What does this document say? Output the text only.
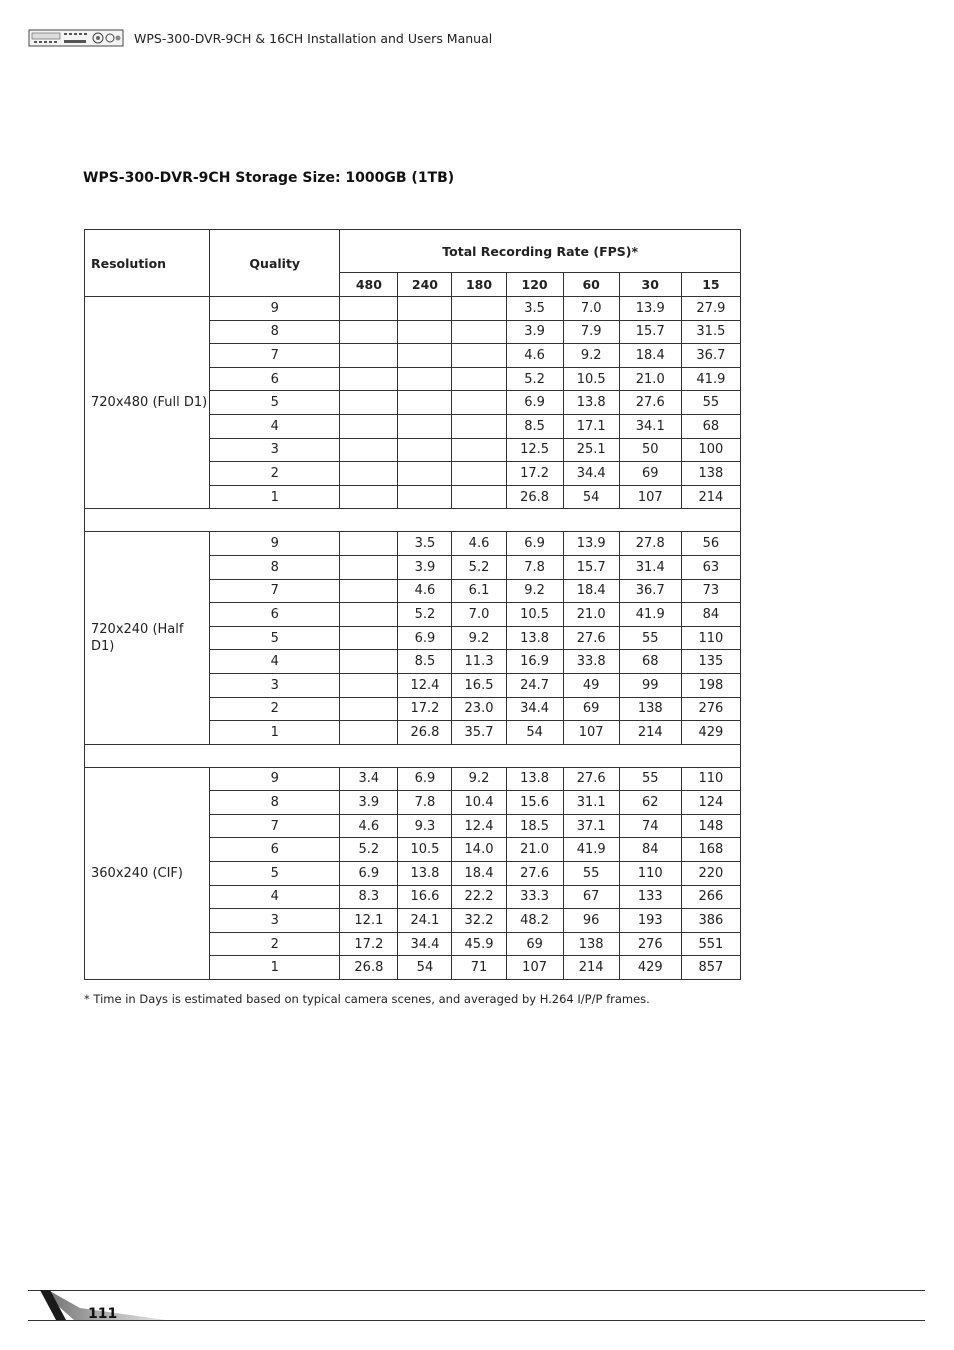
WPS-300-DVR-9CH & 16CH Installation and Users Manual
WPS-300-DVR-9CH Storage Size: 1000GB (1TB)
Resolution	Quality	Total Recording Rate (FPS)*						
		480	240	180	120	60	30	15
720x480 (Full D1)	9				3.5	7.0	13.9	27.9
	8				3.9	7.9	15.7	31.5
	7				4.6	9.2	18.4	36.7
	6				5.2	10.5	21.0	41.9
	5				6.9	13.8	27.6	55
	4				8.5	17.1	34.1	68
	3				12.5	25.1	50	100
	2				17.2	34.4	69	138
	1				26.8	54	107	214

720x240 (Half D1)	9		3.5	4.6	6.9	13.9	27.8	56
	8		3.9	5.2	7.8	15.7	31.4	63
	7		4.6	6.1	9.2	18.4	36.7	73
	6		5.2	7.0	10.5	21.0	41.9	84
	5		6.9	9.2	13.8	27.6	55	110
	4		8.5	11.3	16.9	33.8	68	135
	3		12.4	16.5	24.7	49	99	198
	2		17.2	23.0	34.4	69	138	276
	1		26.8	35.7	54	107	214	429

360x240 (CIF)	9	3.4	6.9	9.2	13.8	27.6	55	110
	8	3.9	7.8	10.4	15.6	31.1	62	124
	7	4.6	9.3	12.4	18.5	37.1	74	148
	6	5.2	10.5	14.0	21.0	41.9	84	168
	5	6.9	13.8	18.4	27.6	55	110	220
	4	8.3	16.6	22.2	33.3	67	133	266
	3	12.1	24.1	32.2	48.2	96	193	386
	2	17.2	34.4	45.9	69	138	276	551
	1	26.8	54	71	107	214	429	857
* Time in Days is estimated based on typical camera scenes, and averaged by H.264 I/P/P frames.
111
